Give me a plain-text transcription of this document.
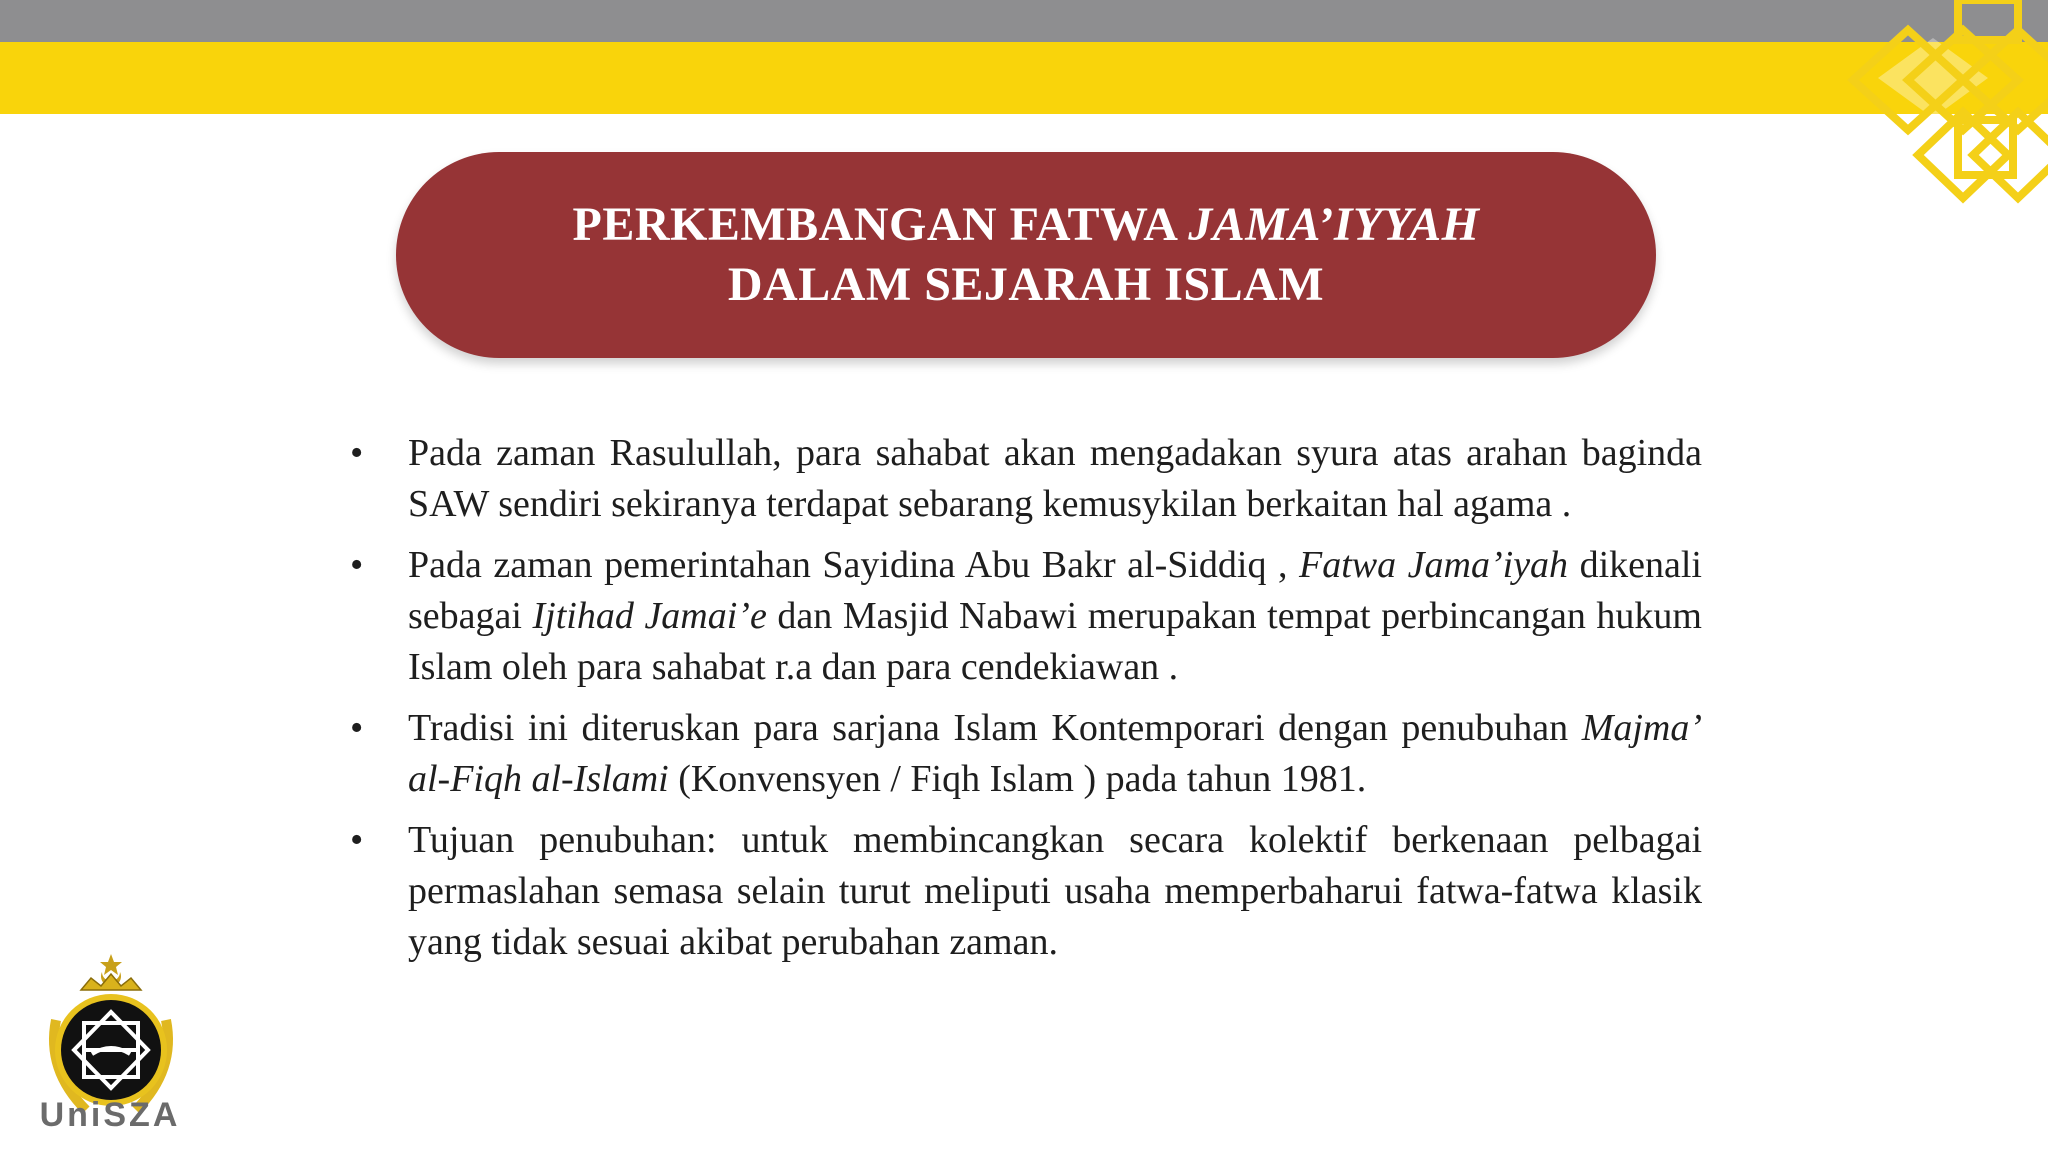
PERKEMBANGAN FATWA JAMA’IYYAH
DALAM SEJARAH ISLAM
•	Pada zaman Rasulullah, para sahabat akan mengadakan syura atas arahan baginda SAW sendiri sekiranya terdapat sebarang kemusykilan berkaitan hal agama .
•	Pada zaman pemerintahan Sayidina Abu Bakr al-Siddiq , Fatwa Jama’iyah dikenali sebagai Ijtihad Jamai’e dan Masjid Nabawi merupakan tempat perbincangan hukum Islam oleh para sahabat r.a dan para cendekiawan .
•	Tradisi ini diteruskan para sarjana Islam Kontemporari dengan penubuhan Majma’ al-Fiqh al-Islami (Konvensyen / Fiqh Islam ) pada tahun 1981.
•	Tujuan penubuhan: untuk membincangkan secara kolektif berkenaan pelbagai permaslahan semasa selain turut meliputi usaha memperbaharui fatwa-fatwa klasik yang tidak sesuai akibat perubahan zaman.
UniSZA
